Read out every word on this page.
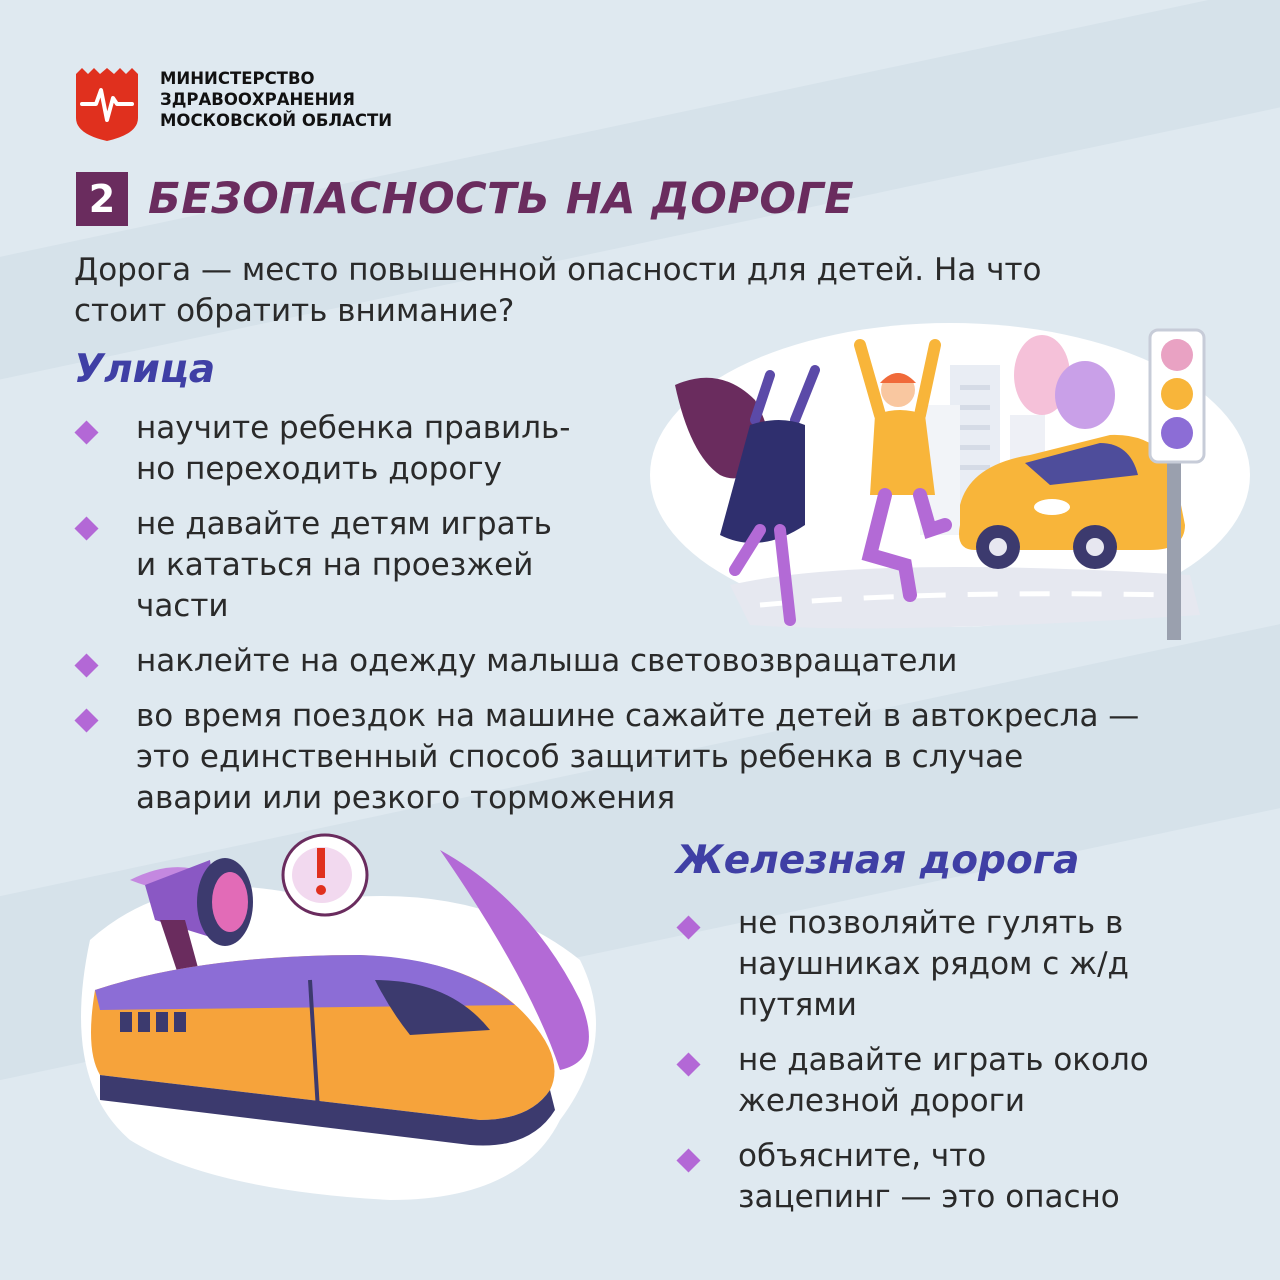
МИНИСТЕРСТВО
ЗДРАВООХРАНЕНИЯ
МОСКОВСКОЙ ОБЛАСТИ
2 БЕЗОПАСНОСТЬ НА ДОРОГЕ
Дорога — место повышенной опасности для детей. На что
стоит обратить внимание?
Улица
научите ребенка правиль-
но переходить дорогу
не давайте детям играть
и кататься на проезжей
части
наклейте на одежду малыша световозвращатели
во время поездок на машине сажайте детей в автокресла —
это единственный способ защитить ребенка в случае
аварии или резкого торможения
Железная дорога
не позволяйте гулять в
наушниках рядом с ж/д
путями
не давайте играть около
железной дороги
объясните, что
зацепинг — это опасно
